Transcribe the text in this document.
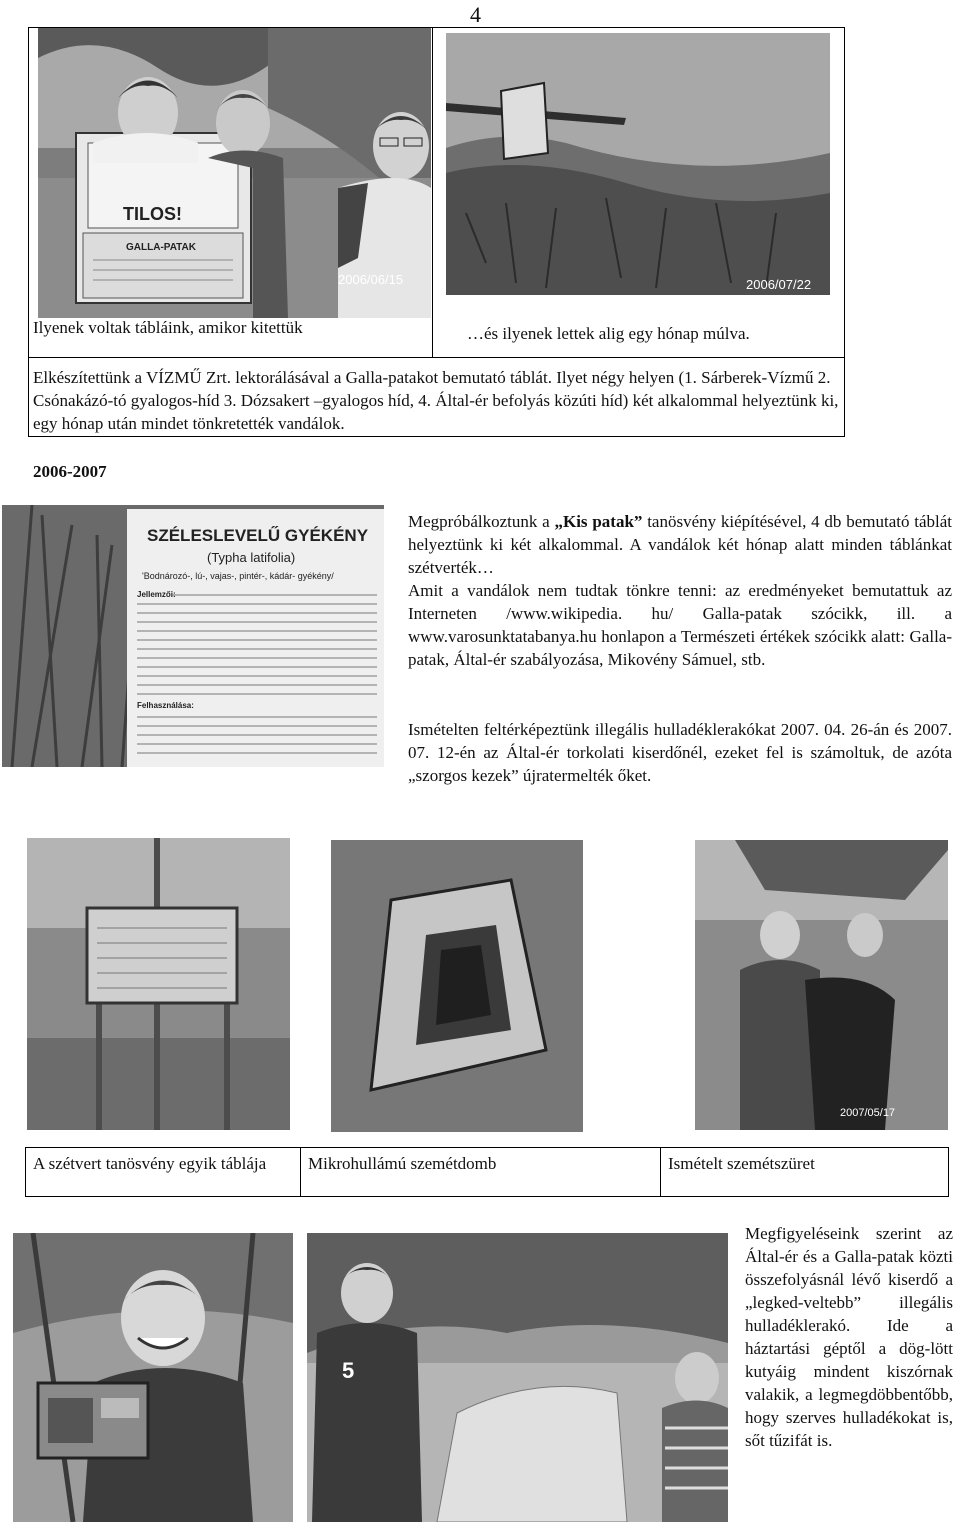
4
TILOS!
GALLA-PATAK
2006/06/15	2006/07/22
Ilyenek voltak tábláink, amikor kitettük	…és ilyenek lettek alig egy hónap múlva.
Elkészítettünk a VÍZMŰ Zrt. lektorálásával a Galla-patakot bemutató táblát. Ilyet négy helyen (1. Sárberek-Vízmű 2. Csónakázó-tó gyalogos-híd 3. Dózsakert –gyalogos híd, 4. Által-ér befolyás közúti híd) két alkalommal helyeztünk ki, egy hónap után mindet tönkretették vandálok.
2006-2007
SZÉLESLEVELŰ GYÉKÉNY
(Typha latifolia)
'Bodnározó-, lú-, vajas-, pintér-, kádár- gyékény/
Jellemzői:
Felhasználása:
Megpróbálkoztunk a „Kis patak” tanösvény kiépítésével, 4 db bemutató táblát helyeztünk ki két alkalommal. A vandálok két hónap alatt minden táblánkat szétverték…
Amit a vandálok nem tudtak tönkre tenni: az eredményeket bemutattuk az Interneten /www.wikipedia. hu/ Galla-patak szócikk, ill. a www.varosunktatabanya.hu honlapon a Természeti értékek szócikk alatt: Galla-patak, Által-ér szabályozása, Mikovény Sámuel, stb.
Ismételten feltérképeztünk illegális hulladéklerakókat 2007. 04. 26-án és 2007. 07. 12-én az Által-ér torkolati kiserdőnél, ezeket fel is számoltuk, de azóta „szorgos kezek” újratermelték őket.
2007/05/17
A szétvert tanösvény egyik táblája	Mikrohullámú szemétdomb	Ismételt szemétszüret
5
Megfigyeléseink szerint az Által-ér és a Galla-patak közti összefolyásnál lévő kiserdő a „legked-veltebb” illegális hulladéklerakó. Ide a háztartási géptől a dög-lött kutyáig mindent kiszórnak valakik, a legmegdöbbentőbb, hogy szerves hulladékokat is, sőt tűzifát is.
